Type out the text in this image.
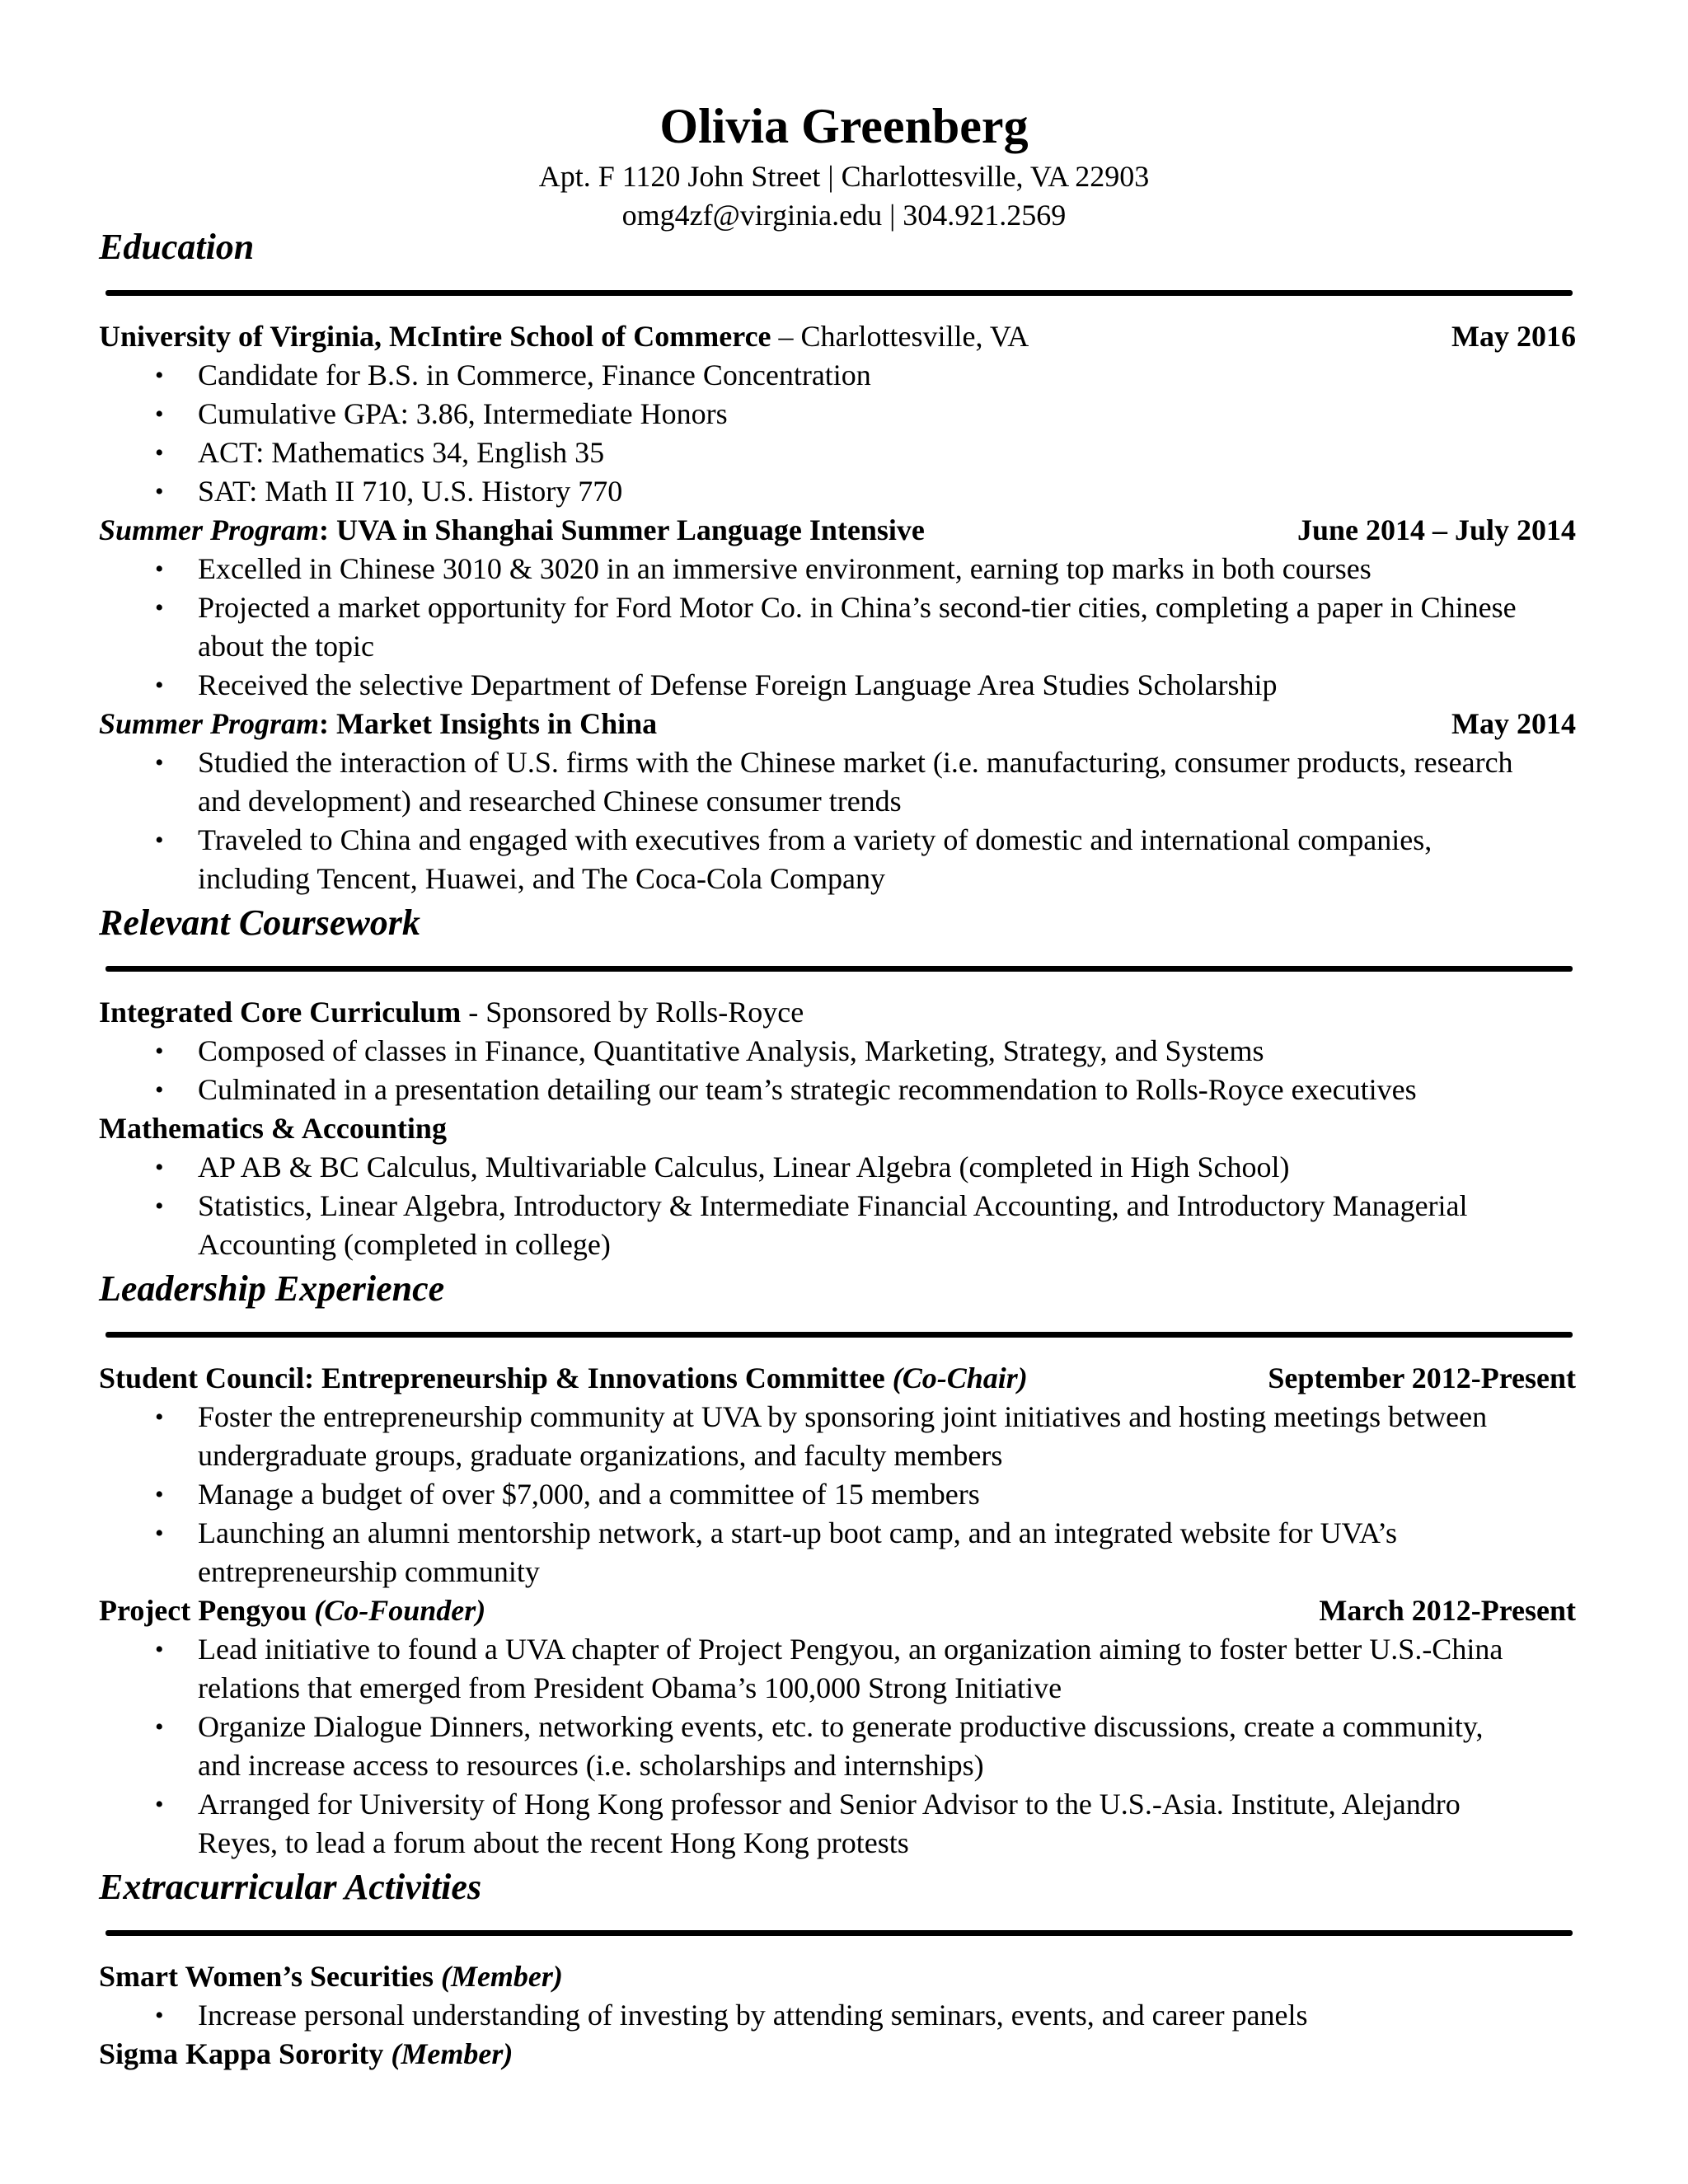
Olivia Greenberg
Apt. F 1120 John Street | Charlottesville, VA 22903
omg4zf@virginia.edu | 304.921.2569
Education
University of Virginia, McIntire School of Commerce – Charlottesville, VA	May 2016
• Candidate for B.S. in Commerce, Finance Concentration
• Cumulative GPA: 3.86, Intermediate Honors
• ACT: Mathematics 34, English 35
• SAT: Math II 710, U.S. History 770
Summer Program: UVA in Shanghai Summer Language Intensive	June 2014 – July 2014
• Excelled in Chinese 3010 & 3020 in an immersive environment, earning top marks in both courses
• Projected a market opportunity for Ford Motor Co. in China’s second-tier cities, completing a paper in Chinese about the topic
• Received the selective Department of Defense Foreign Language Area Studies Scholarship
Summer Program: Market Insights in China	May 2014
• Studied the interaction of U.S. firms with the Chinese market (i.e. manufacturing, consumer products, research and development) and researched Chinese consumer trends
• Traveled to China and engaged with executives from a variety of domestic and international companies, including Tencent, Huawei, and The Coca-Cola Company
Relevant Coursework
Integrated Core Curriculum - Sponsored by Rolls-Royce
• Composed of classes in Finance, Quantitative Analysis, Marketing, Strategy, and Systems
• Culminated in a presentation detailing our team’s strategic recommendation to Rolls-Royce executives
Mathematics & Accounting
• AP AB & BC Calculus, Multivariable Calculus, Linear Algebra (completed in High School)
• Statistics, Linear Algebra, Introductory & Intermediate Financial Accounting, and Introductory Managerial Accounting (completed in college)
Leadership Experience
Student Council: Entrepreneurship & Innovations Committee (Co-Chair)	September 2012-Present
• Foster the entrepreneurship community at UVA by sponsoring joint initiatives and hosting meetings between undergraduate groups, graduate organizations, and faculty members
• Manage a budget of over $7,000, and a committee of 15 members
• Launching an alumni mentorship network, a start-up boot camp, and an integrated website for UVA’s entrepreneurship community
Project Pengyou (Co-Founder)	March 2012-Present
• Lead initiative to found a UVA chapter of Project Pengyou, an organization aiming to foster better U.S.-China relations that emerged from President Obama’s 100,000 Strong Initiative
• Organize Dialogue Dinners, networking events, etc. to generate productive discussions, create a community, and increase access to resources (i.e. scholarships and internships)
• Arranged for University of Hong Kong professor and Senior Advisor to the U.S.-Asia. Institute, Alejandro Reyes, to lead a forum about the recent Hong Kong protests
Extracurricular Activities
Smart Women’s Securities (Member)
• Increase personal understanding of investing by attending seminars, events, and career panels
Sigma Kappa Sorority (Member)
